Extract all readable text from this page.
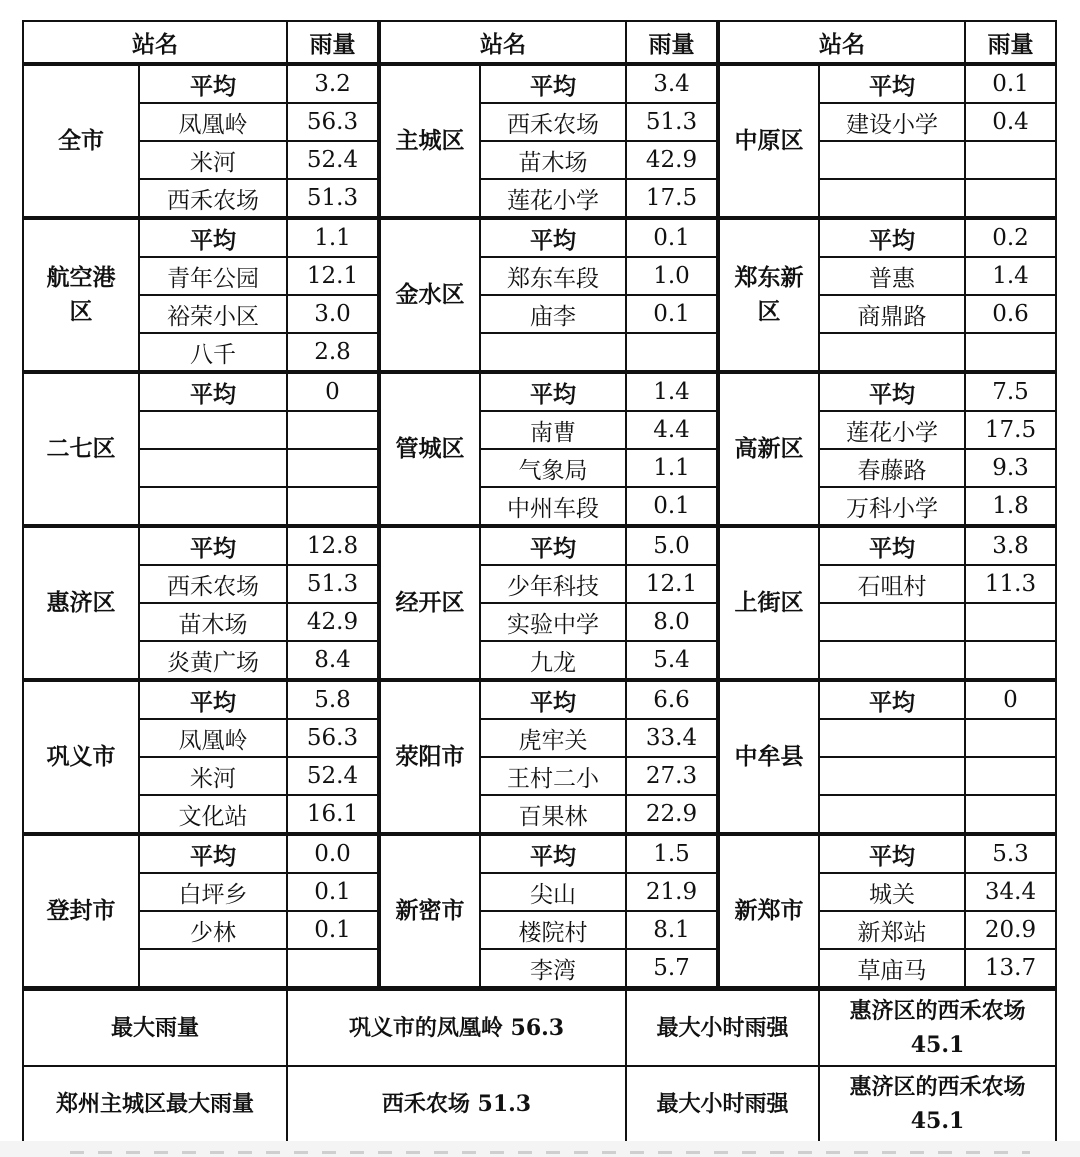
站名		雨量	站名		雨量	站名		雨量
全市	平均	3.2	主城区	平均	3.4	中原区	平均	0.1
	凤凰岭	56.3		西禾农场	51.3		建设小学	0.4
	米河	52.4		苗木场	42.9			
	西禾农场	51.3		莲花小学	17.5			
航空港区	平均	1.1	金水区	平均	0.1	郑东新区	平均	0.2
	青年公园	12.1		郑东车段	1.0		普惠	1.4
	裕荣小区	3.0		庙李	0.1		商鼎路	0.6
	八千	2.8						
二七区	平均	0	管城区	平均	1.4	高新区	平均	7.5
				南曹	4.4		莲花小学	17.5
				气象局	1.1		春藤路	9.3
				中州车段	0.1		万科小学	1.8
惠济区	平均	12.8	经开区	平均	5.0	上街区	平均	3.8
	西禾农场	51.3		少年科技	12.1		石咀村	11.3
	苗木场	42.9		实验中学	8.0			
	炎黄广场	8.4		九龙	5.4			
巩义市	平均	5.8	荥阳市	平均	6.6	中牟县	平均	0
	凤凰岭	56.3		虎牢关	33.4			
	米河	52.4		王村二小	27.3			
	文化站	16.1		百果林	22.9			
登封市	平均	0.0	新密市	平均	1.5	新郑市	平均	5.3
	白坪乡	0.1		尖山	21.9		城关	34.4
	少林	0.1		楼院村	8.1		新郑站	20.9
				李湾	5.7		草庙马	13.7
最大雨量		巩义市的凤凰岭 56.3			最大小时雨强		惠济区的西禾农场 45.1	
郑州主城区最大雨量		西禾农场 51.3			最大小时雨强		惠济区的西禾农场 45.1	
